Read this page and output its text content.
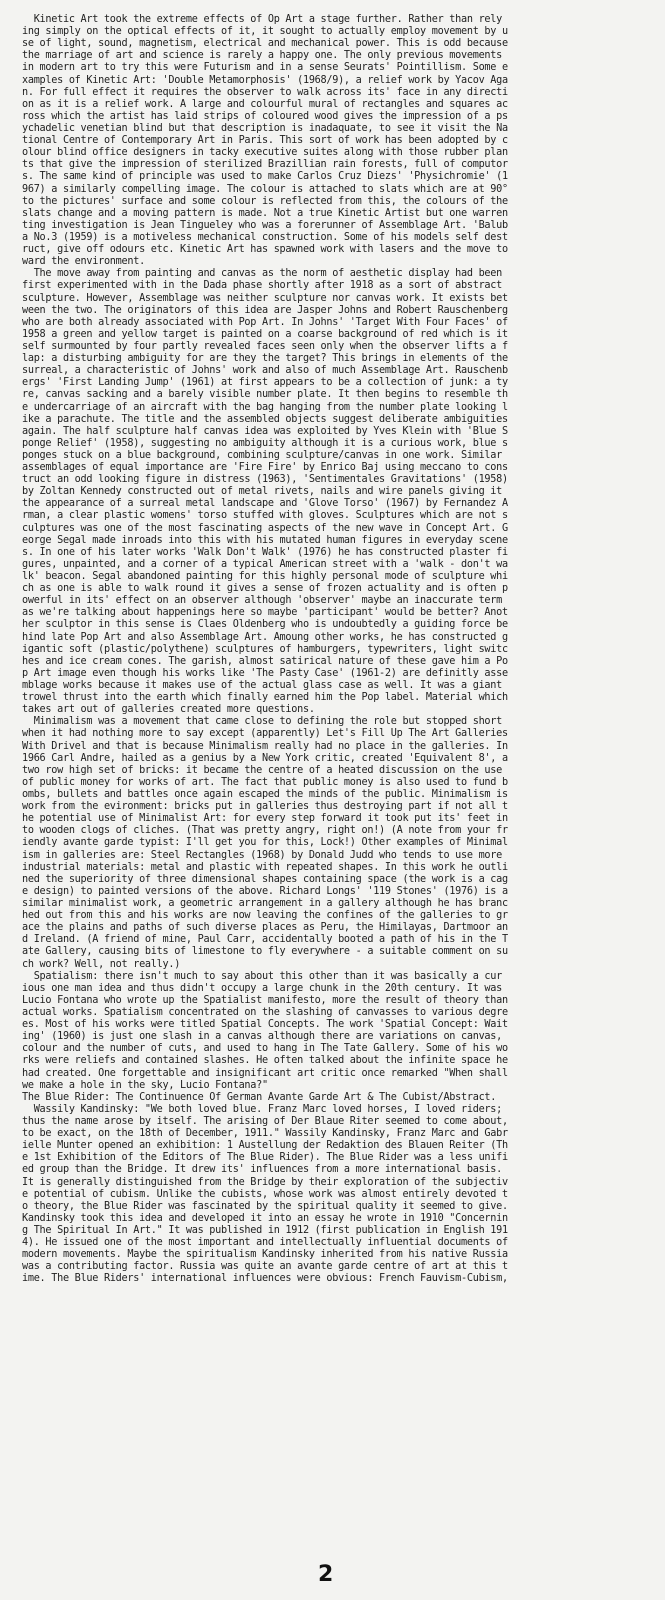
Kinetic Art took the extreme effects of Op Art a stage further. Rather than rely
ing simply on the optical effects of it, it sought to actually employ movement by u
se of light, sound, magnetism, electrical and mechanical power. This is odd because
the marriage of art and science is rarely a happy one. The only previous movements
in modern art to try this were Futurism and in a sense Seurats' Pointillism. Some e
xamples of Kinetic Art: 'Double Metamorphosis' (1968/9), a relief work by Yacov Aga
n. For full effect it requires the observer to walk across its' face in any directi
on as it is a relief work. A large and colourful mural of rectangles and squares ac
ross which the artist has laid strips of coloured wood gives the impression of a ps
ychadelic venetian blind but that description is inadaquate, to see it visit the Na
tional Centre of Contemporary Art in Paris. This sort of work has been adopted by c
olour blind office designers in tacky executive suites along with those rubber plan
ts that give the impression of sterilized Brazillian rain forests, full of computor
s. The same kind of principle was used to make Carlos Cruz Diezs' 'Physichromie' (1
967) a similarly compelling image. The colour is attached to slats which are at 90°
to the pictures' surface and some colour is reflected from this, the colours of the
slats change and a moving pattern is made. Not a true Kinetic Artist but one warren
ting investigation is Jean Tingueley who was a forerunner of Assemblage Art. 'Balub
a No.3 (1959) is a motiveless mechanical construction. Some of his models self dest
ruct, give off odours etc. Kinetic Art has spawned work with lasers and the move to
ward the environment.
The move away from painting and canvas as the norm of aesthetic display had been
first experimented with in the Dada phase shortly after 1918 as a sort of abstract
sculpture. However, Assemblage was neither sculpture nor canvas work. It exists bet
ween the two. The originators of this idea are Jasper Johns and Robert Rauschenberg
who are both already associated with Pop Art. In Johns' 'Target With Four Faces' of
1958 a green and yellow target is painted on a coarse background of red which is it
self surmounted by four partly revealed faces seen only when the observer lifts a f
lap: a disturbing ambiguity for are they the target? This brings in elements of the
surreal, a characteristic of Johns' work and also of much Assemblage Art. Rauschenb
ergs' 'First Landing Jump' (1961) at first appears to be a collection of junk: a ty
re, canvas sacking and a barely visible number plate. It then begins to resemble th
e undercarriage of an aircraft with the bag hanging from the number plate looking l
ike a parachute. The title and the assembled objects suggest deliberate ambiguities
again. The half sculpture half canvas idea was exploited by Yves Klein with 'Blue S
ponge Relief' (1958), suggesting no ambiguity although it is a curious work, blue s
ponges stuck on a blue background, combining sculpture/canvas in one work. Similar
assemblages of equal importance are 'Fire Fire' by Enrico Baj using meccano to cons
truct an odd looking figure in distress (1963), 'Sentimentales Gravitations' (1958)
by Zoltan Kennedy constructed out of metal rivets, nails and wire panels giving it
the appearance of a surreal metal landscape and 'Glove Torso' (1967) by Fernandez A
rman, a clear plastic womens' torso stuffed with gloves. Sculptures which are not s
culptures was one of the most fascinating aspects of the new wave in Concept Art. G
eorge Segal made inroads into this with his mutated human figures in everyday scene
s. In one of his later works 'Walk Don't Walk' (1976) he has constructed plaster fi
gures, unpainted, and a corner of a typical American street with a 'walk - don't wa
lk' beacon. Segal abandoned painting for this highly personal mode of sculpture whi
ch as one is able to walk round it gives a sense of frozen actuality and is often p
owerful in its' effect on an observer although 'observer' maybe an inaccurate term
as we're talking about happenings here so maybe 'participant' would be better? Anot
her sculptor in this sense is Claes Oldenberg who is undoubtedly a guiding force be
hind late Pop Art and also Assemblage Art. Amoung other works, he has constructed g
igantic soft (plastic/polythene) sculptures of hamburgers, typewriters, light switc
hes and ice cream cones. The garish, almost satirical nature of these gave him a Po
p Art image even though his works like 'The Pasty Case' (1961-2) are definitly asse
mblage works because it makes use of the actual glass case as well. It was a giant
trowel thrust into the earth which finally earned him the Pop label. Material which
takes art out of galleries created more questions.
Minimalism was a movement that came close to defining the role but stopped short
when it had nothing more to say except (apparently) Let's Fill Up The Art Galleries
With Drivel and that is because Minimalism really had no place in the galleries. In
1966 Carl Andre, hailed as a genius by a New York critic, created 'Equivalent 8', a
two row high set of bricks: it became the centre of a heated discussion on the use
of public money for works of art. The fact that public money is also used to fund b
ombs, bullets and battles once again escaped the minds of the public. Minimalism is
work from the evironment: bricks put in galleries thus destroying part if not all t
he potential use of Minimalist Art: for every step forward it took put its' feet in
to wooden clogs of cliches. (That was pretty angry, right on!) (A note from your fr
iendly avante garde typist: I'll get you for this, Lock!) Other examples of Minimal
ism in galleries are: Steel Rectangles (1968) by Donald Judd who tends to use more
industrial materials: metal and plastic with repeated shapes. In this work he outli
ned the superiority of three dimensional shapes containing space (the work is a cag
e design) to painted versions of the above. Richard Longs' '119 Stones' (1976) is a
similar minimalist work, a geometric arrangement in a gallery although he has branc
hed out from this and his works are now leaving the confines of the galleries to gr
ace the plains and paths of such diverse places as Peru, the Himilayas, Dartmoor an
d Ireland. (A friend of mine, Paul Carr, accidentally booted a path of his in the T
ate Gallery, causing bits of limestone to fly everywhere - a suitable comment on su
ch work? Well, not really.)
Spatialism: there isn't much to say about this other than it was basically a cur
ious one man idea and thus didn't occupy a large chunk in the 20th century. It was
Lucio Fontana who wrote up the Spatialist manifesto, more the result of theory than
actual works. Spatialism concentrated on the slashing of canvasses to various degre
es. Most of his works were titled Spatial Concepts. The work 'Spatial Concept: Wait
ing' (1960) is just one slash in a canvas although there are variations on canvas,
colour and the number of cuts, and used to hang in The Tate Gallery. Some of his wo
rks were reliefs and contained slashes. He often talked about the infinite space he
had created. One forgettable and insignificant art critic once remarked "When shall
we make a hole in the sky, Lucio Fontana?"
The Blue Rider: The Continuence Of German Avante Garde Art & The Cubist/Abstract.
Wassily Kandinsky: "We both loved blue. Franz Marc loved horses, I loved riders;
thus the name arose by itself. The arising of Der Blaue Riter seemed to come about,
to be exact, on the 18th of December, 1911." Wassily Kandinsky, Franz Marc and Gabr
ielle Munter opened an exhibition: 1 Austellung der Redaktion des Blauen Reiter (Th
e 1st Exhibition of the Editors of The Blue Rider). The Blue Rider was a less unifi
ed group than the Bridge. It drew its' influences from a more international basis.
It is generally distinguished from the Bridge by their exploration of the subjectiv
e potential of cubism. Unlike the cubists, whose work was almost entirely devoted t
o theory, the Blue Rider was fascinated by the spiritual quality it seemed to give.
Kandinsky took this idea and developed it into an essay he wrote in 1910 "Concernin
g The Spiritual In Art." It was published in 1912 (first publication in English 191
4). He issued one of the most important and intellectually influential documents of
modern movements. Maybe the spiritualism Kandinsky inherited from his native Russia
was a contributing factor. Russia was quite an avante garde centre of art at this t
ime. The Blue Riders' international influences were obvious: French Fauvism-Cubism,
2
